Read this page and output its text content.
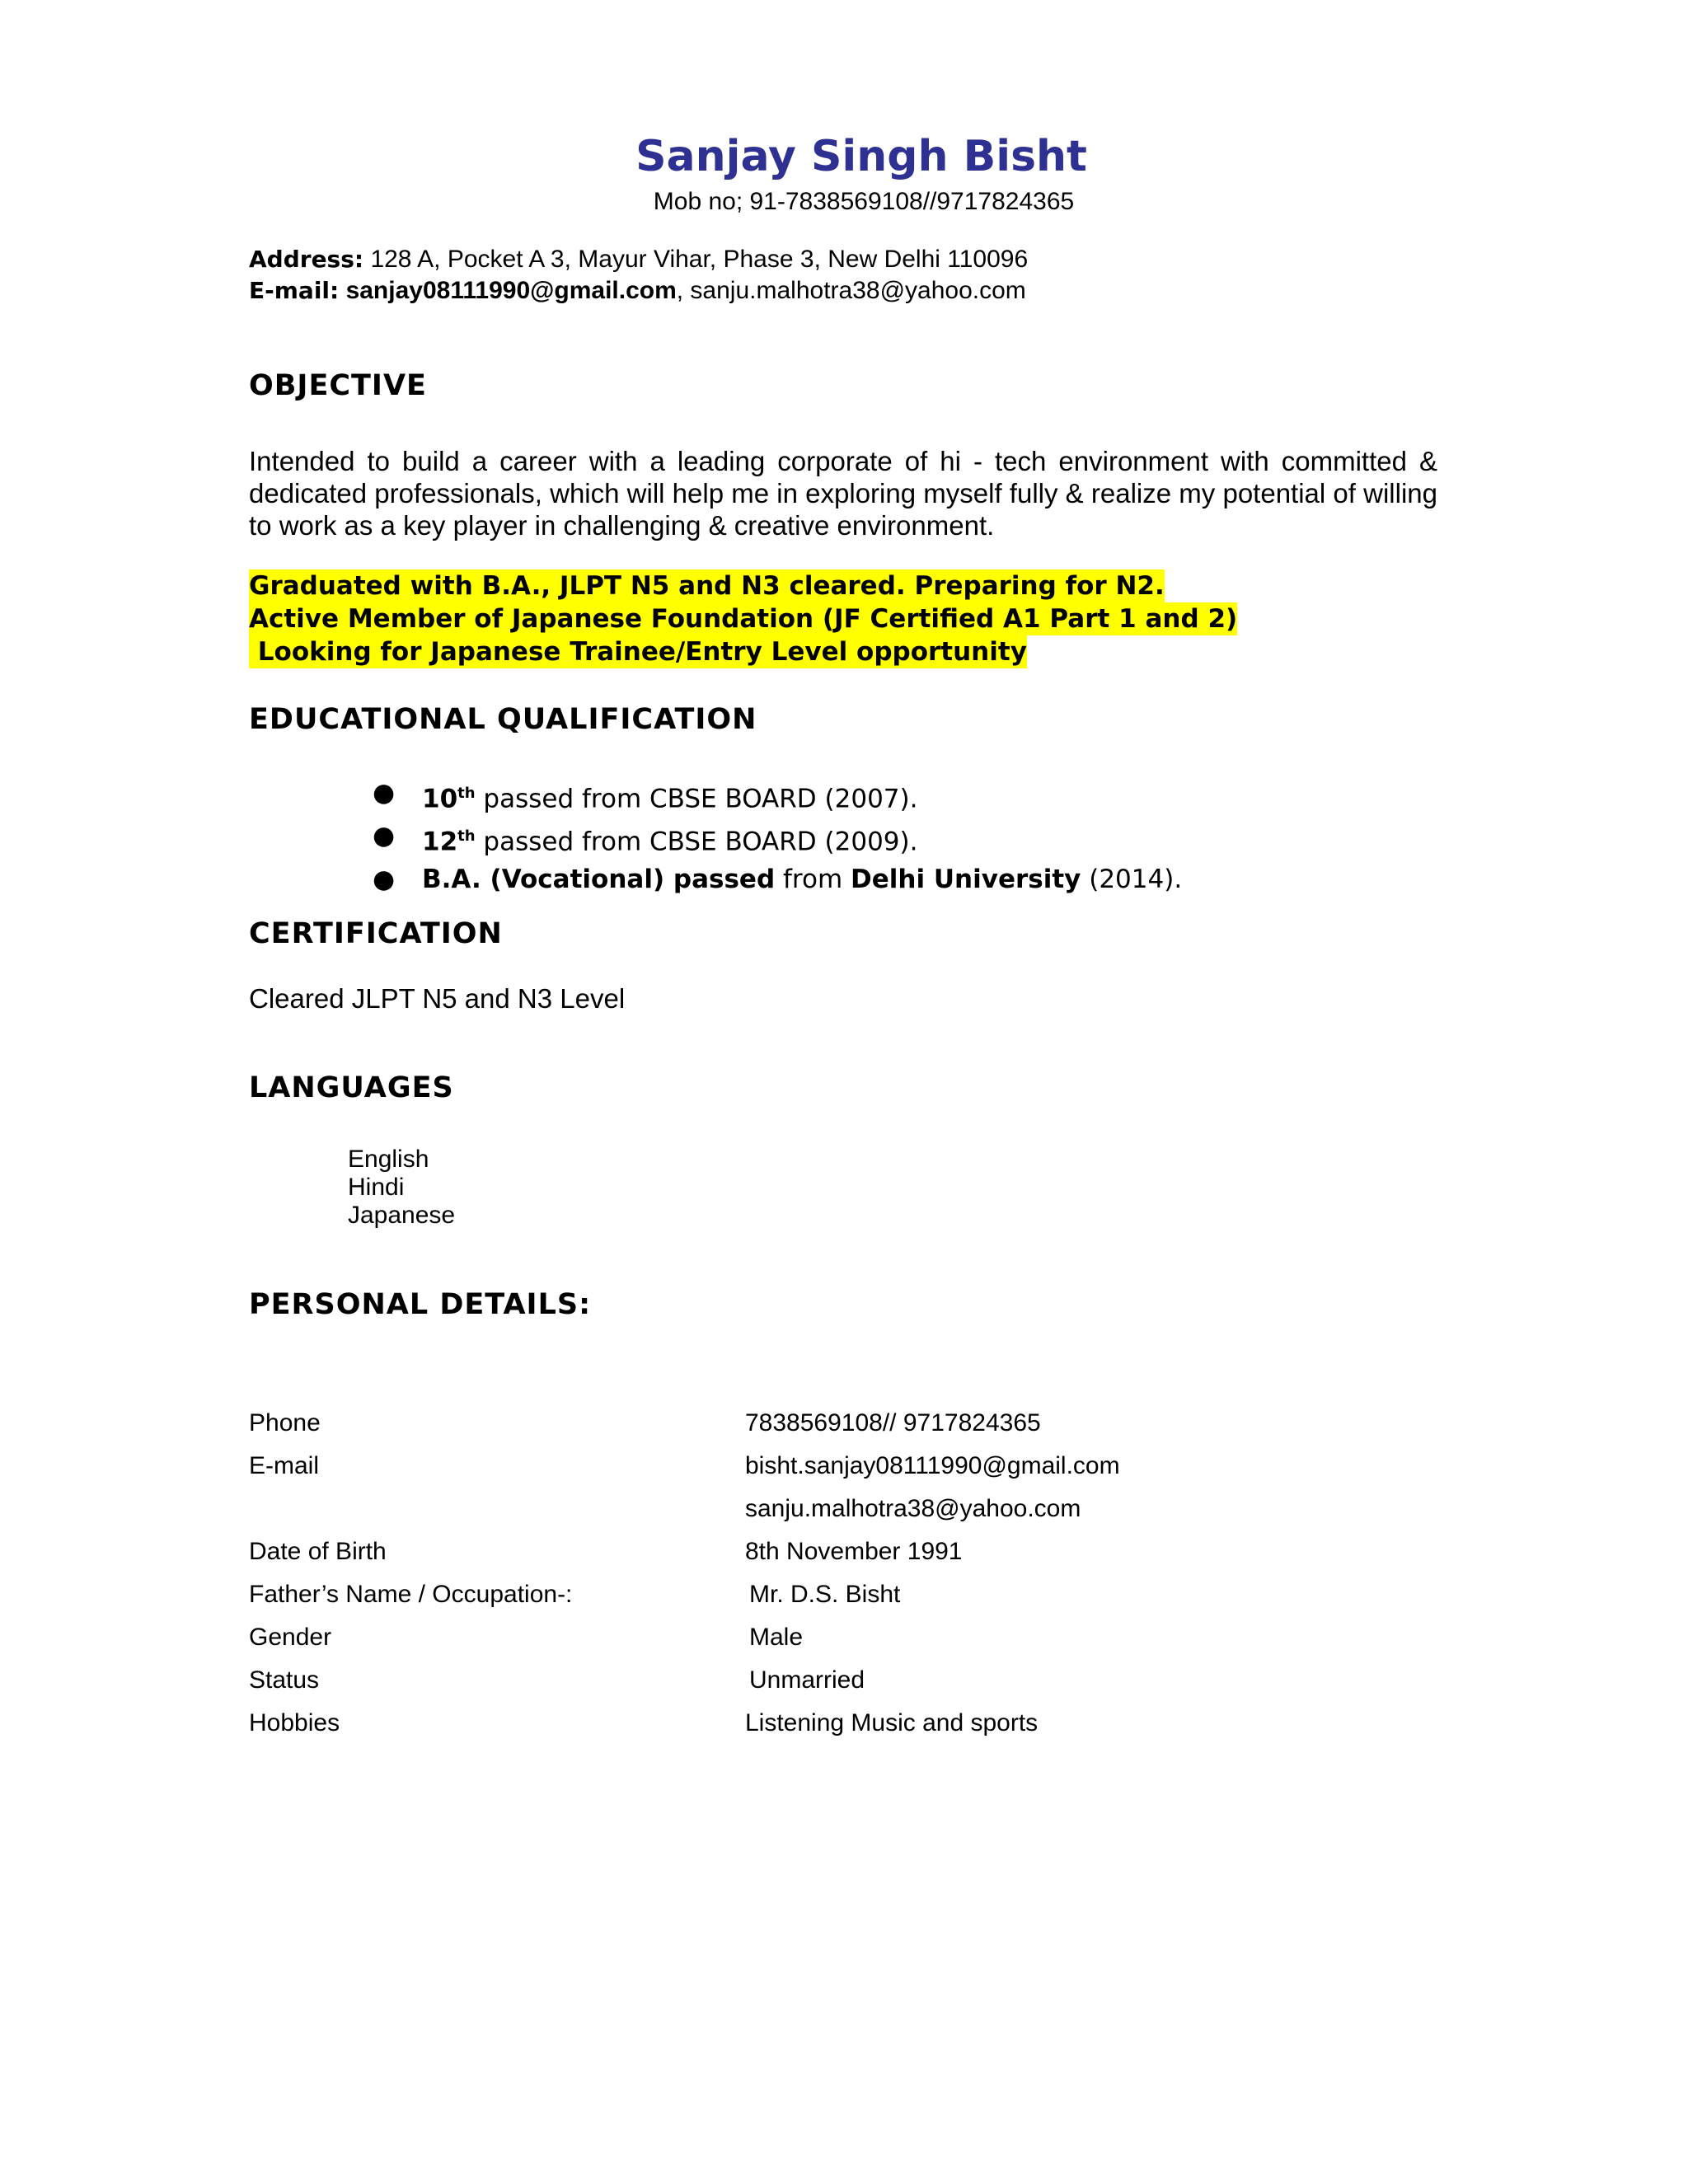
Sanjay Singh Bisht
Mob no; 91-7838569108//9717824365
Address: 128 A, Pocket A 3, Mayur Vihar, Phase 3, New Delhi 110096
E-mail: sanjay08111990@gmail.com, sanju.malhotra38@yahoo.com
OBJECTIVE
Intended to build a career with a leading corporate of hi - tech environment with committed & dedicated professionals, which will help me in exploring myself fully & realize my potential of willing to work as a key player in challenging & creative environment.
Graduated with B.A., JLPT N5 and N3 cleared. Preparing for N2.
Active Member of Japanese Foundation (JF Certified A1 Part 1 and 2)
Looking for Japanese Trainee/Entry Level opportunity
EDUCATIONAL QUALIFICATION
● 10th passed from CBSE BOARD (2007).
● 12th passed from CBSE BOARD (2009).
● B.A. (Vocational) passed from Delhi University (2014).
CERTIFICATION
Cleared JLPT N5 and N3 Level
LANGUAGES
English
Hindi
Japanese
PERSONAL DETAILS:
Phone	7838569108// 9717824365
E-mail	bisht.sanjay08111990@gmail.com
sanju.malhotra38@yahoo.com
Date of Birth	8th November 1991
Father’s Name / Occupation-:	Mr. D.S. Bisht
Gender	Male
Status	Unmarried
Hobbies	Listening Music and sports
